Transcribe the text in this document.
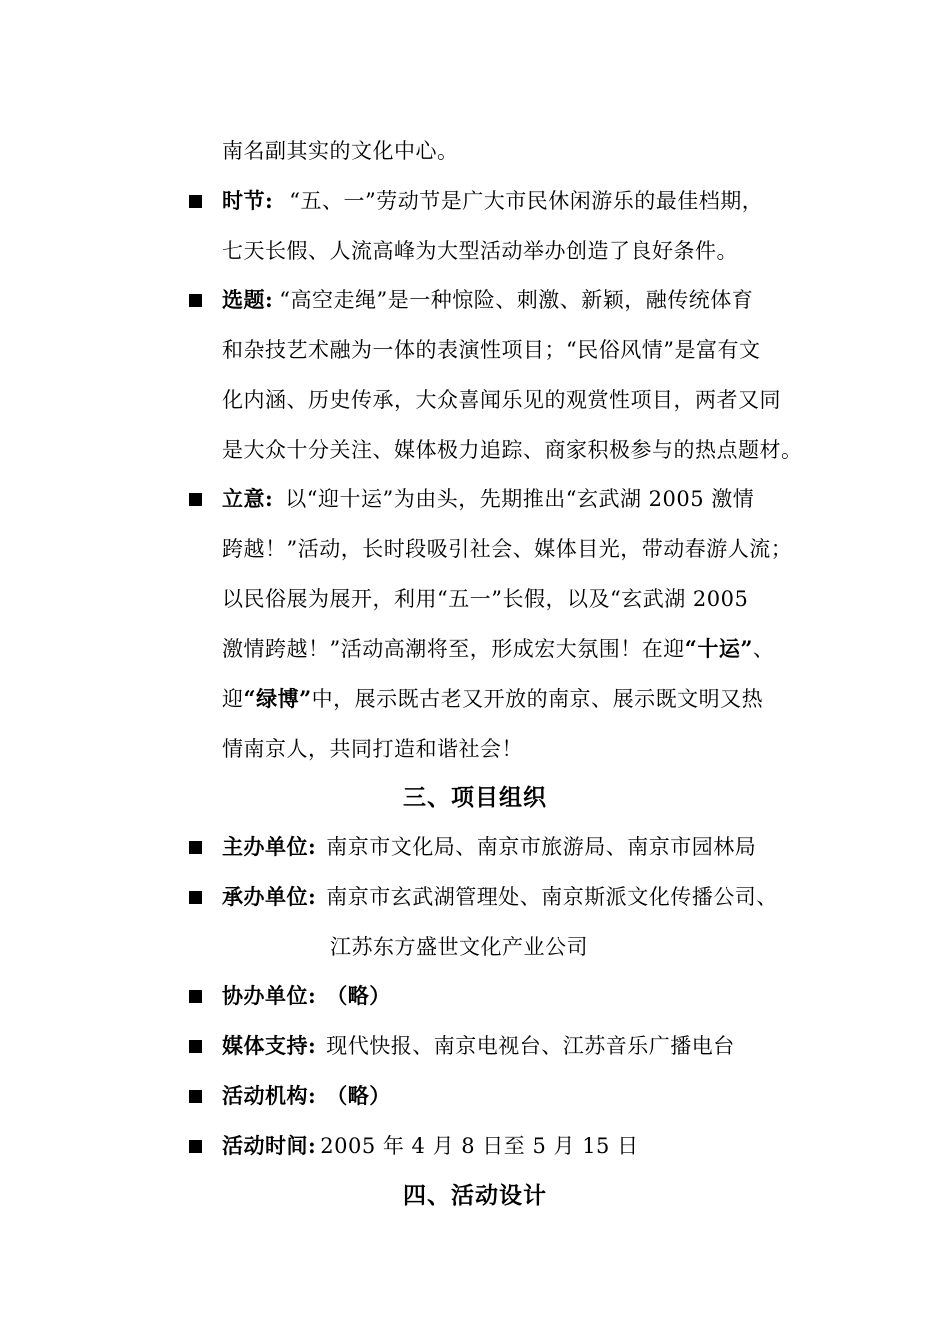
南名副其实的文化中心。
时节: “五、一”劳动节是广大市民休闲游乐的最佳档期，
七天长假、人流高峰为大型活动举办创造了良好条件。
选题: “高空走绳”是一种惊险、刺激、新颖，融传统体育
和杂技艺术融为一体的表演性项目；“民俗风情”是富有文
化内涵、历史传承，大众喜闻乐见的观赏性项目，两者又同
是大众十分关注、媒体极力追踪、商家积极参与的热点题材。
立意: 以“迎十运”为由头，先期推出“玄武湖 2005 激情
跨越！”活动，长时段吸引社会、媒体目光，带动春游人流；
以民俗展为展开，利用“五一”长假，以及“玄武湖 2005
激情跨越！”活动高潮将至，形成宏大氛围！在迎“十运”、
迎“绿博”中，展示既古老又开放的南京、展示既文明又热
情南京人，共同打造和谐社会！
三、项目组织
主办单位: 南京市文化局、南京市旅游局、南京市园林局
承办单位: 南京市玄武湖管理处、南京斯派文化传播公司、
江苏东方盛世文化产业公司
协办单位: （略）
媒体支持: 现代快报、南京电视台、江苏音乐广播电台
活动机构: （略）
活动时间: 2005 年 4 月 8 日至 5 月 15 日
四、活动设计
